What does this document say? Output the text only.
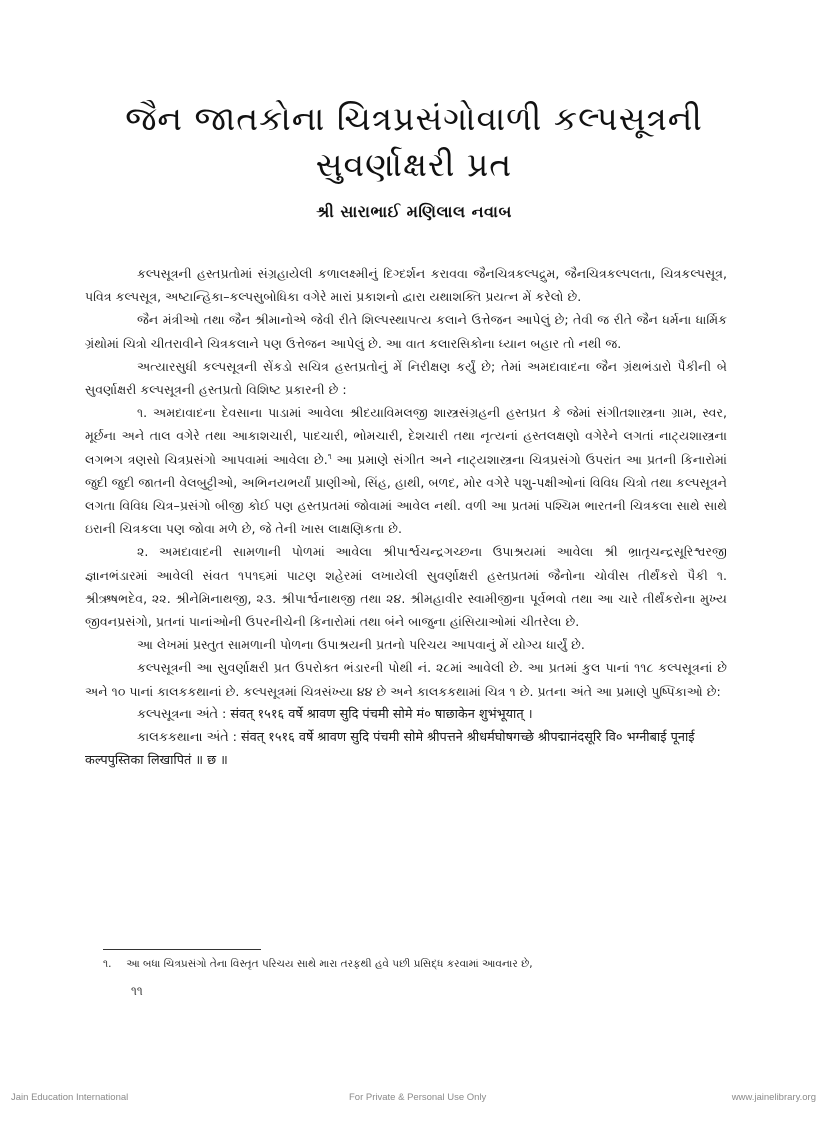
જૈન જાતકોના ચિત્રપ્રસંગોવાળી કલ્પસૂત્રની
સુવર્ણાક્ષરી પ્રત
શ્રી સારાભાઈ મણિલાલ નવાબ

કલ્પસૂત્રની હસ્તપ્રતોમાં સંગ્રહાયેલી કળાલક્ષ્મીનું દિગ્દર્શન કરાવવા જૈનચિત્રકલ્પદ્રુમ, જૈનચિત્રકલ્પલતા, ચિત્રકલ્પસૂત્ર, પવિત્ર કલ્પસૂત્ર, અષ્ટાન્હિકા–કલ્પસુબોધિકા વગેરે મારાં પ્રકાશનો દ્વારા યથાશક્તિ પ્રયત્ન મેં કરેલો છે.

જૈન મંત્રીઓ તથા જૈન શ્રીમાનોએ જેવી રીતે શિલ્પસ્થાપત્ય કલાને ઉત્તેજન આપેલું છે; તેવી જ રીતે જૈન ધર્મના ધાર્મિક ગ્રંથોમાં ચિત્રો ચીતરાવીને ચિત્રકલાને પણ ઉત્તેજન આપેલું છે. આ વાત કલારસિકોના ધ્યાન બહાર તો નથી જ.

અત્યારસુધી કલ્પસૂત્રની સેંકડો સચિત્ર હસ્તપ્રતોનું મેં નિરીક્ષણ કર્યું છે; તેમાં અમદાવાદના જૈન ગ્રંથભંડારો પૈકીની બે સુવર્ણાક્ષરી કલ્પસૂત્રની હસ્તપ્રતો વિશિષ્ટ પ્રકારની છે :

૧. અમદાવાદના દેવસાના પાડામાં આવેલા શ્રીદયાવિમલજી શાસ્ત્રસંગ્રહની હસ્તપ્રત કે જેમાં સંગીતશાસ્ત્રના ગ્રામ, સ્વર, મૂર્છના અને તાલ વગેરે તથા આકાશચારી, પાદચારી, ભોમચારી, દેશચારી તથા નૃત્યનાં હસ્તલક્ષણો વગેરેને લગતાં નાટ્યશાસ્ત્રના લગભગ ત્રણસો ચિત્રપ્રસંગો આપવામાં આવેલા છે.$^૧$ આ પ્રમાણે સંગીત અને નાટ્યશાસ્ત્રના ચિત્રપ્રસંગો ઉપરાંત આ પ્રતની કિનારોમાં જુદી જુદી જાતની વેલબુટ્ટીઓ, અભિનયભર્યાં પ્રાણીઓ, સિંહ, હાથી, બળદ, મોર વગેરે પશુ-પક્ષીઓનાં વિવિધ ચિત્રો તથા કલ્પસૂત્રને લગતા વિવિધ ચિત્ર–પ્રસંગો બીજી કોઈ પણ હસ્તપ્રતમાં જોવામાં આવેલ નથી. વળી આ પ્રતમાં પશ્ચિમ ભારતની ચિત્રકલા સાથે સાથે ઇરાની ચિત્રકલા પણ જોવા મળે છે, જે તેની ખાસ લાક્ષણિકતા છે.

૨. અમદાવાદની સામળાની પોળમાં આવેલા શ્રીપાર્શ્વચન્દ્રગચ્છના ઉપાશ્રયમાં આવેલા શ્રી ભ્રાતૃચન્દ્રસૂરિશ્વરજી જ્ઞાનભંડારમાં આવેલી સંવત ૧૫૧૬માં પાટણ શહેરમાં લખાયેલી સુવર્ણાક્ષરી હસ્તપ્રતમાં જૈનોના ચોવીસ તીર્થંકરો પૈકી ૧. શ્રીઋષભદેવ, ૨૨. શ્રીનેમિનાથજી, ૨૩. શ્રીપાર્શ્વનાથજી તથા ૨૪. શ્રીમહાવીર સ્વામીજીના પૂર્વભવો તથા આ ચારે તીર્થંકરોના મુખ્ય જીવનપ્રસંગો, પ્રતનાં પાનાંઓની ઉપરનીચેની કિનારોમાં તથા બંને બાજુના હાંસિયાઓમાં ચીતરેલા છે.

આ લેખમાં પ્રસ્તુત સામળાની પોળના ઉપાશ્રયની પ્રતનો પરિચય આપવાનું મેં યોગ્ય ધાર્યું છે.

કલ્પસૂત્રની આ સુવર્ણાક્ષરી પ્રત ઉપરોક્ત ભંડારની પોથી નં. ૨૮માં આવેલી છે. આ પ્રતમાં કુલ પાનાં ૧૧૮ કલ્પસૂત્રનાં છે અને ૧૦ પાનાં કાલકકથાનાં છે. કલ્પસૂત્રમાં ચિત્રસંખ્યા ૪૪ છે અને કાલકકથામાં ચિત્ર ૧ છે. પ્રતના અંતે આ પ્રમાણે પુષ્પિકાઓ છે:

કલ્પસૂત્રના અંતે : संवत् १५१६ वर्षे श्रावण सुदि पंचमी सोमे मं० षाछाकेन शुभंभूयात् ।

કાલકકથાના અંતે : संवत् १५१६ वर्षे श्रावण सुदि पंचमी सोमे श्रीपत्तने श्रीधर्मघोषगच्छे श्रीपद्मानंदसूरि वि० भग्नीबाई पूनाई कल्पपुस्तिका लिखापितं ॥ छ ॥

૧. આ બધા ચિત્રપ્રસંગો તેના વિસ્તૃત પરિચય સાથે મારા તરફથી હવે પછી પ્રસિદ્ધ કરવામાં આવનાર છે,
૧૧
Jain Education International	For Private & Personal Use Only	www.jainelibrary.org
